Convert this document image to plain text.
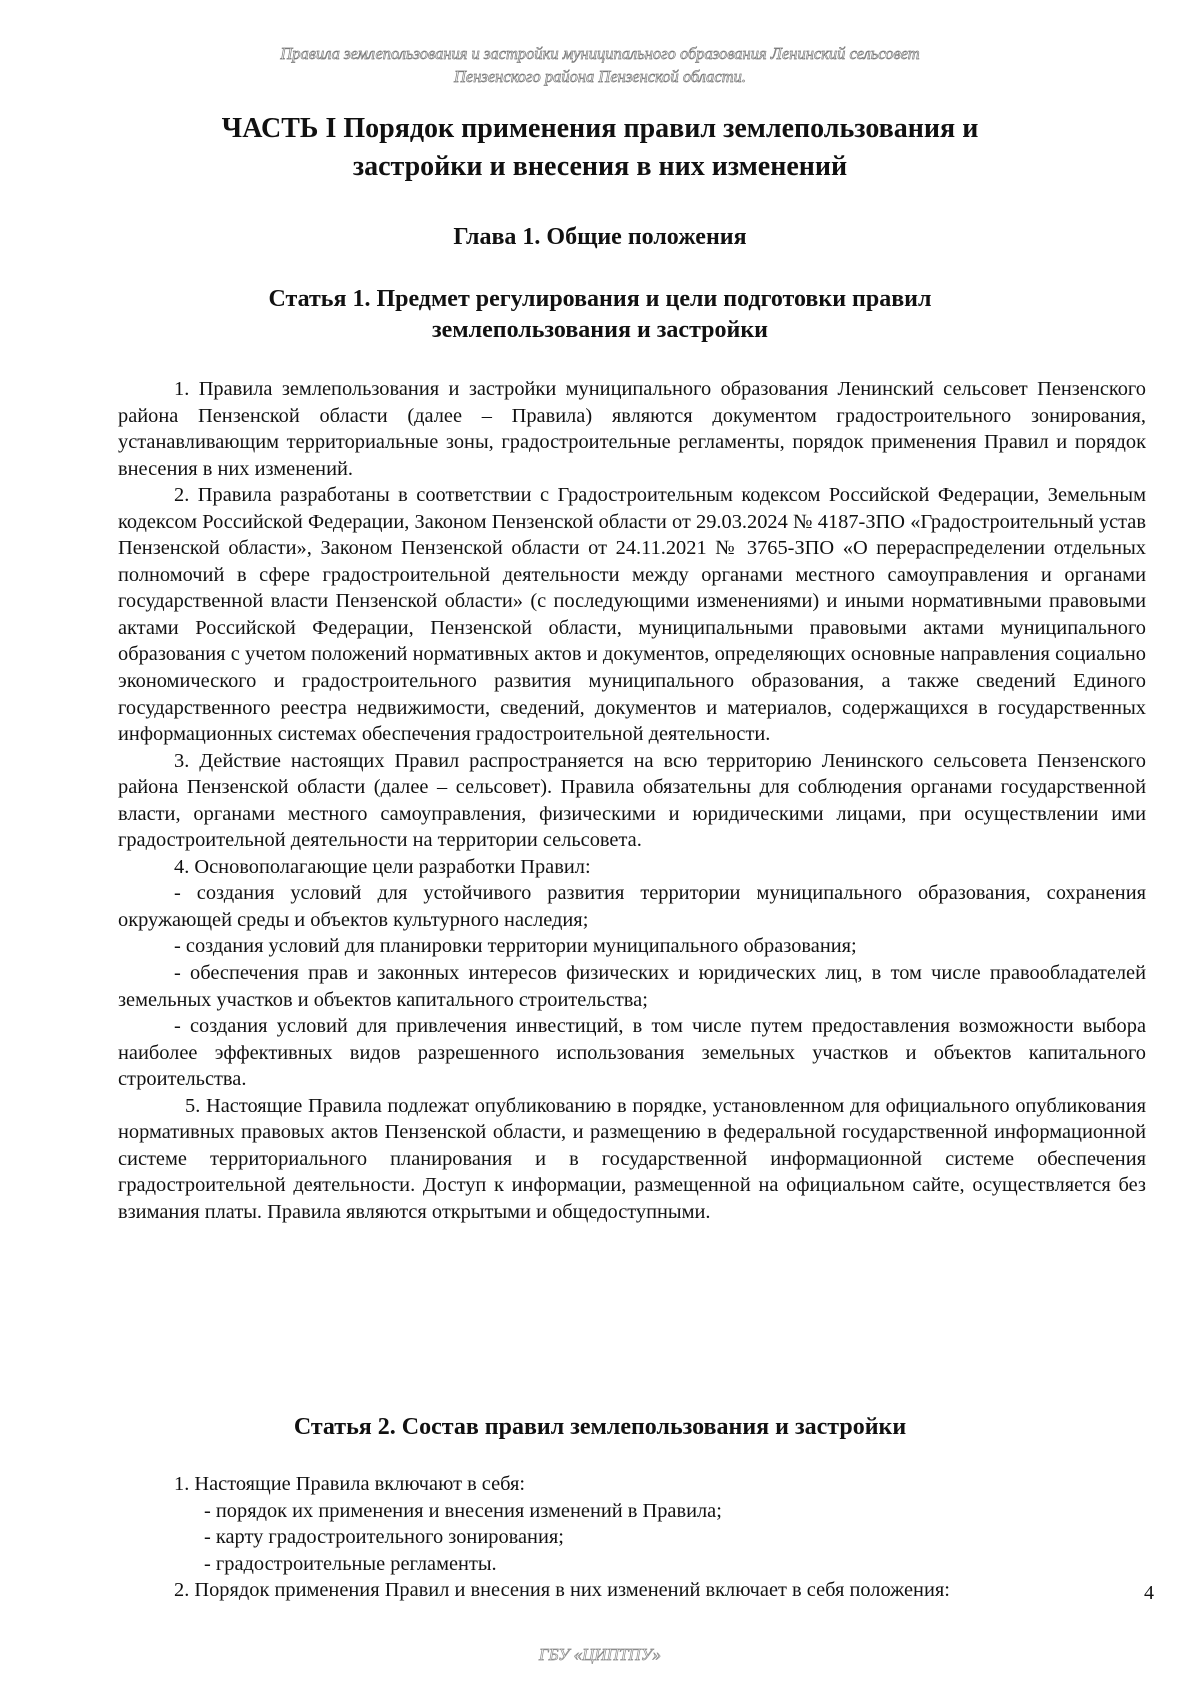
Правила землепользования и застройки муниципального образования Ленинский сельсовет
Пензенского района Пензенской области.
ЧАСТЬ I Порядок применения правил землепользования и
застройки и внесения в них изменений
Глава 1. Общие положения
Статья 1. Предмет регулирования и цели подготовки правил
землепользования и застройки

1. Правила землепользования и застройки муниципального образования Ленинский сельсовет Пензенского района Пензенской области (далее – Правила) являются документом градостроительного зонирования, устанавливающим территориальные зоны, градостроительные регламенты, порядок применения Правил и порядок внесения в них изменений.

2. Правила разработаны в соответствии с Градостроительным кодексом Российской Федерации, Земельным кодексом Российской Федерации, Законом Пензенской области от 29.03.2024 № 4187-ЗПО «Градостроительный устав Пензенской области», Законом Пензенской области от 24.11.2021 № 3765-ЗПО «О перераспределении отдельных полномочий в сфере градостроительной деятельности между органами местного самоуправления и органами государственной власти Пензенской области» (с последующими изменениями) и иными нормативными правовыми актами Российской Федерации, Пензенской области, муниципальными правовыми актами муниципального образования с учетом положений нормативных актов и документов, определяющих основные направления социально экономического и градостроительного развития муниципального образования, а также сведений Единого государственного реестра недвижимости, сведений, документов и материалов, содержащихся в государственных информационных системах обеспечения градостроительной деятельности.

3. Действие настоящих Правил распространяется на всю территорию Ленинского сельсовета Пензенского района Пензенской области (далее – сельсовет). Правила обязательны для соблюдения органами государственной власти, органами местного самоуправления, физическими и юридическими лицами, при осуществлении ими градостроительной деятельности на территории сельсовета.

4. Основополагающие цели разработки Правил:

- создания условий для устойчивого развития территории муниципального образования, сохранения окружающей среды и объектов культурного наследия;

- создания условий для планировки территории муниципального образования;

- обеспечения прав и законных интересов физических и юридических лиц, в том числе правообладателей земельных участков и объектов капитального строительства;

- создания условий для привлечения инвестиций, в том числе путем предоставления возможности выбора наиболее эффективных видов разрешенного использования земельных участков и объектов капитального строительства.

5. Настоящие Правила подлежат опубликованию в порядке, установленном для официального опубликования нормативных правовых актов Пензенской области, и размещению в федеральной государственной информационной системе территориального планирования и в государственной информационной системе обеспечения градостроительной деятельности. Доступ к информации, размещенной на официальном сайте, осуществляется без взимания платы. Правила являются открытыми и общедоступными.

Статья 2. Состав правил землепользования и застройки

1. Настоящие Правила включают в себя:

- порядок их применения и внесения изменений в Правила;

- карту градостроительного зонирования;

- градостроительные регламенты.

2. Порядок применения Правил и внесения в них изменений включает в себя положения:	4
ГБУ «ЦИПТПУ»
